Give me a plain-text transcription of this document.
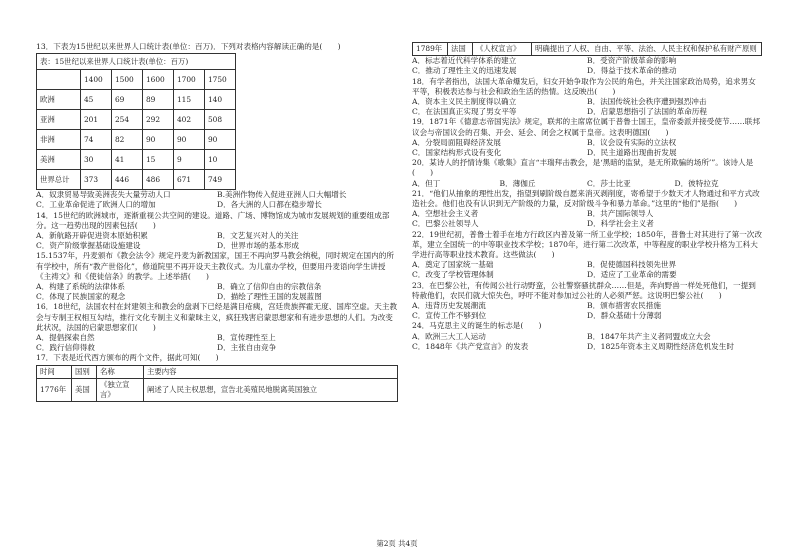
13．下表为15世纪以来世界人口统计表(单位：百万)．下列对表格内容解读正确的是(　　)

表：15世纪以来世界人口统计表(单位：百万)					
	1400	1500	1600	1700	1750
欧洲	45	69	89	115	140
亚洲	201	254	292	402	508
非洲	74	82	90	90	90
美洲	30	41	15	9	10
世界总计	373	446	486	671	749
A．奴隶贸易导致美洲丧失大量劳动人口	B.美洲作物传入促进亚洲人口大幅增长
C．工业革命促进了欧洲人口的增加	D．各大洲的人口都在稳步增长

14．15世纪的欧洲城市，逐渐重视公共空间的建设。道路、广场、博物馆成为城市发展规划的重要组成部分。这一趋势出现的因素包括(　　)

A．新航路开辟促进资本原始积累	B．文艺复兴对人的关注
C．资产阶级掌握基础设施建设	D．世界市场的基本形成

15.1537年，丹麦颁布《教会法令》规定丹麦为新教国家，国王不再向罗马教会纳税，同时规定在国内的所有学校中，所有“教产世俗化”，修道院里不再开设天主教仪式。为儿童办学校，但要用丹麦语向学生讲授《主祷文》和《使徒信条》的教学。上述举措(　　)

A．构建了系统的法律体系	B．确立了信仰自由的宗教信条
C．体现了民族国家的观念	D．描绘了理性王国的发展蓝图

16．18世纪，法国农村在封建领主和教会的盘剥下已经是满目疮痍，宫廷贵族挥霍无度、国库空虚。天主教会与专制王权相互勾结，推行文化专制主义和蒙昧主义，疯狂残害启蒙思想家和有进步思想的人们。为改变此状况，法国的启蒙思想家们(　　)

A．提倡探索自然	B．宣传理性至上
C．践行信仰得救	D．主张自由竞争

17．下表是近代西方颁布的两个文件，据此可知(　　)

时间	国别	名称	主要内容
1776年	美国	《独立宣言》	阐述了人民主权思想，宣告北美殖民地脱离英国独立
1789年	法国	《人权宣言》	明确提出了人权、自由、平等、法治、人民主权和保护私有财产原则
A．标志着近代科学体系的建立	B．受资产阶级革命的影响
C．推动了理性主义的迅速发展	D．得益于技术革命的推动

18．有学者指出，法国大革命爆发后，妇女开始争取作为公民的角色，并关注国家政治局势，追求男女平等，积极表达参与社会和政治生活的热情。这反映出(　　)

A．资本主义民主制度得以确立	B．法国传统社会秩序遭到强烈冲击
C．在法国真正实现了男女平等	D．启蒙思想指引了法国的革命历程

19．1871年《德意志帝国宪法》规定，联邦的主席席位属于普鲁士国王，皇帝委派并接受使节……联邦议会与帝国议会的召集、开会、延会、闭会之权属于皇帝。这表明德国(　　)

A．分裂局面阻碍经济发展	B．议会设有实际的立法权
C．国家结构形式设有变化	D．民主道路出现曲折发展

20．某诗人的抒情诗集《歌集》直言“丰瑞拜击教会，是‘黑暗的监狱，是无所欺骗的场所’”。该诗人是(　　)

A．但丁	B．薄伽丘	C．莎士比亚	D．彼特拉克

21．“他们从抽象的理性出发，指望到刷阶级自愿来消灭剥削度，寄希望于少数天才人物通过和平方式改造社会。他们也没有认识到无产阶级的力量，反对阶级斗争和暴力革命。”这里的“他们”是指(　　)

A．空想社会主义者	B．共产国际领导人
C．巴黎公社领导人	D．科学社会主义者

22．19世纪初，普鲁士着手在地方行政区内普及第一所工业学校；1850年，普鲁士对其进行了第一次改革，建立全国统一的中等职业技术学校；1870年，进行第二次改革，中等程度的职业学校升格为工科大学进行高等职业技术教育。这些做法(　　)

A．奠定了国家统一基础	B．促使德国科技领先世界
C．改变了学校管理体制	D．适应了工业革命的需要

23．在巴黎公社，有传闻公社行动野蛮，公社警察骚扰群众……但是，奔向野兽一样处死他们，一提到特赦他们，农民们就大惊失色，呼吁不能对参加过公社的人必须严惩。这说明巴黎公社(　　)

A．违背历史发展潮流	B．颁布措害农民措施
C．宣传工作不够到位	D．群众基础十分薄弱

24．马克思主义的诞生的标志是(　　)

A．欧洲三大工人运动	B．1847年共产主义者同盟成立大会
C．1848年《共产党宣言》的发表	D．1825年资本主义周期性经济危机发生时
第2页 共4页
